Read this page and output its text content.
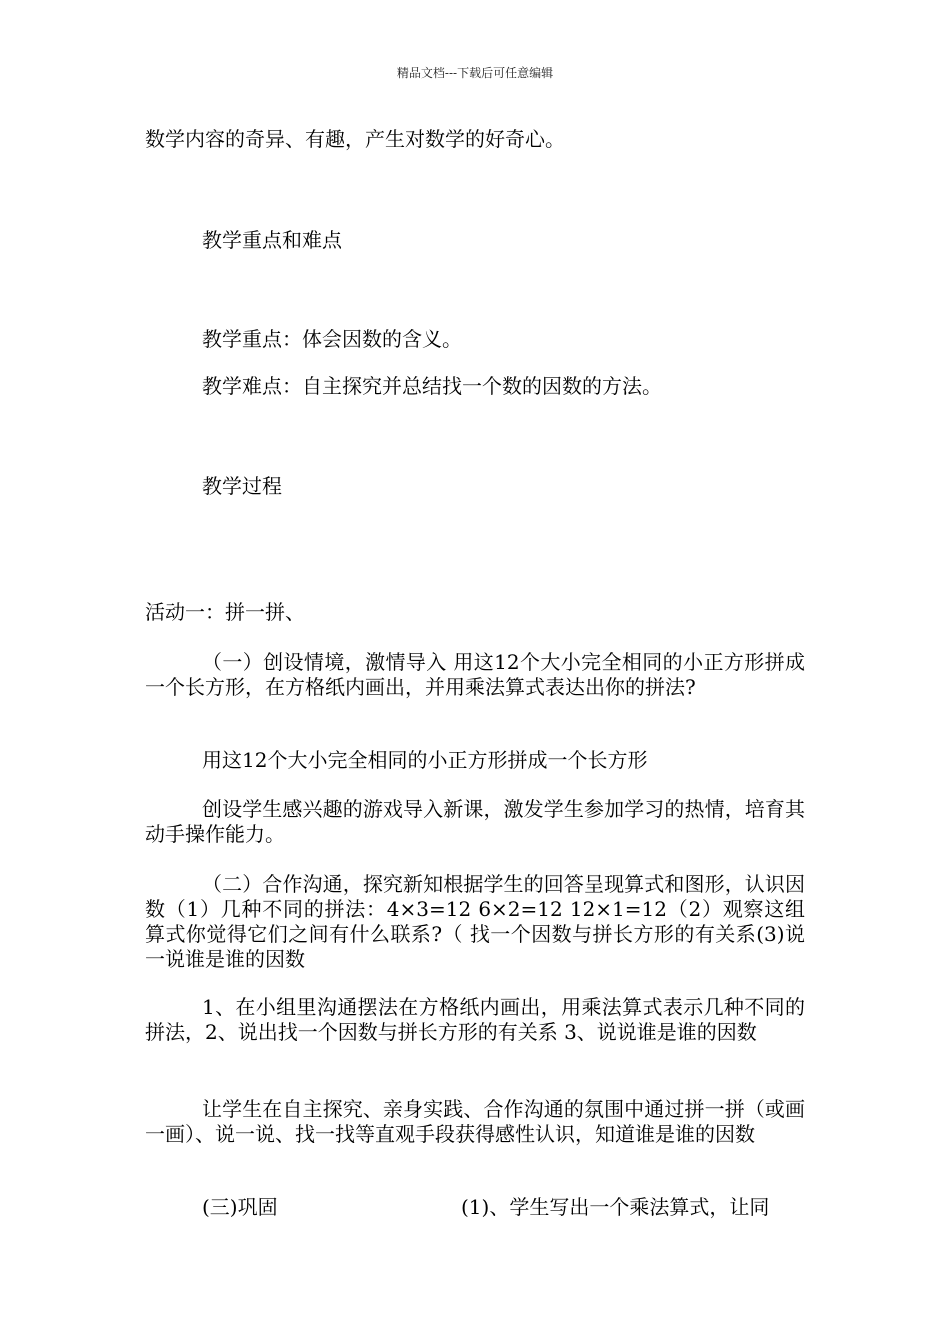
精品文档---下载后可任意编辑

数学内容的奇异、有趣，产生对数学的好奇心。

教学重点和难点
教学重点：体会因数的含义。
教学难点：自主探究并总结找一个数的因数的方法。
教学过程

活动一：拼一拼、

（一）创设情境，激情导入 用这12个大小完全相同的小正方形拼成一个长方形，在方格纸内画出，并用乘法算式表达出你的拼法?

用这12个大小完全相同的小正方形拼成一个长方形

创设学生感兴趣的游戏导入新课，激发学生参加学习的热情，培育其动手操作能力。

（二）合作沟通，探究新知根据学生的回答呈现算式和图形，认识因数（1）几种不同的拼法：4×3=12 6×2=12 12×1=12（2）观察这组算式你觉得它们之间有什么联系?（ 找一个因数与拼长方形的有关系(3)说一说谁是谁的因数

1、在小组里沟通摆法在方格纸内画出，用乘法算式表示几种不同的拼法，2、说出找一个因数与拼长方形的有关系 3、说说谁是谁的因数

让学生在自主探究、亲身实践、合作沟通的氛围中通过拼一拼（或画一画）、说一说、找一找等直观手段获得感性认识，知道谁是谁的因数

(三)巩固	(1)、学生写出一个乘法算式，让同
